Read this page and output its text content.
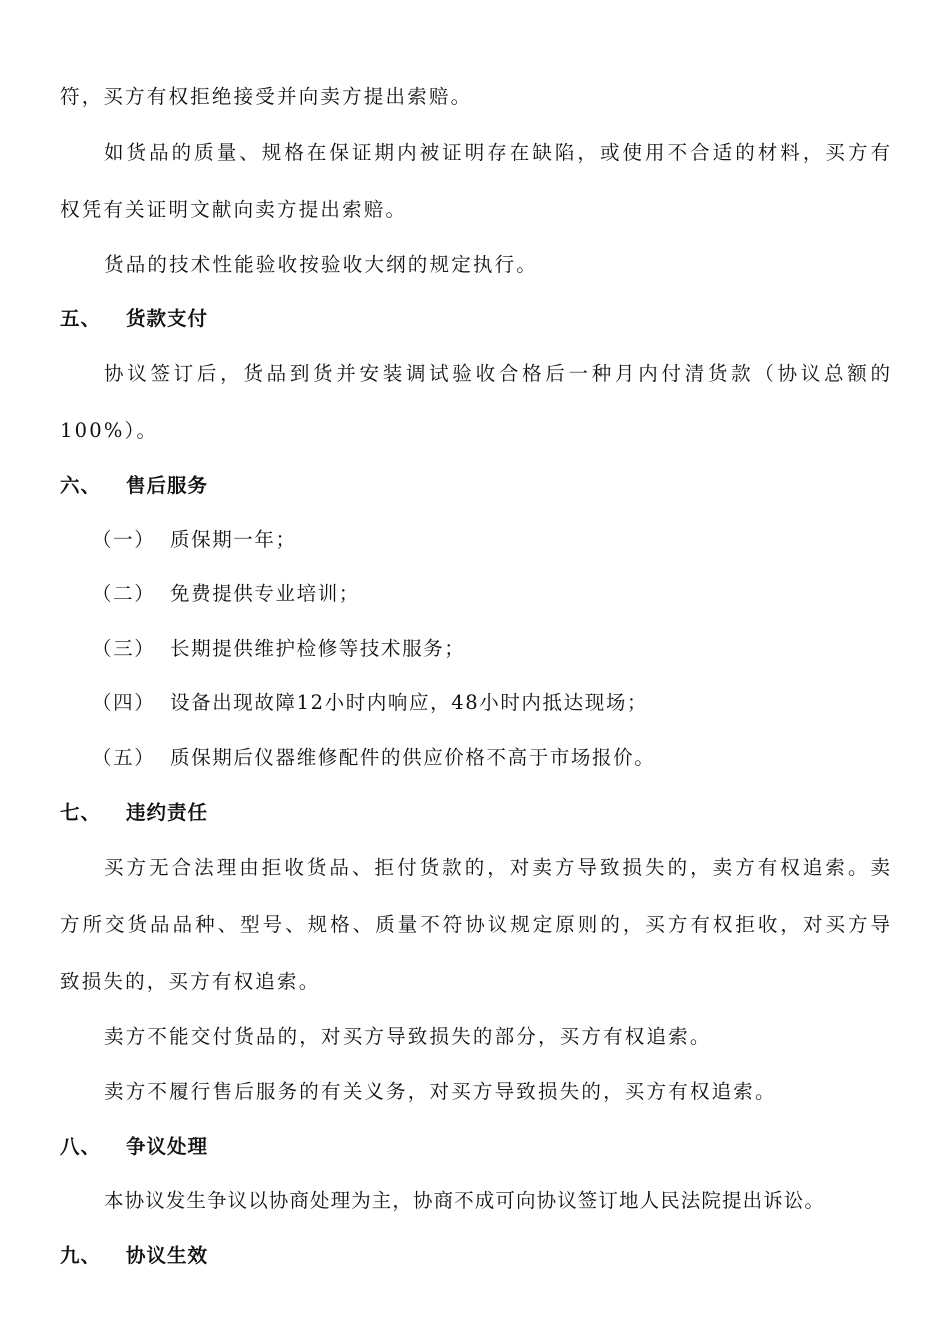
符，买方有权拒绝接受并向卖方提出索赔。
如货品的质量、规格在保证期内被证明存在缺陷，或使用不合适的材料，买方有
权凭有关证明文献向卖方提出索赔。
货品的技术性能验收按验收大纲的规定执行。
五、 货款支付
协议签订后，货品到货并安装调试验收合格后一种月内付清货款（协议总额的
100%）。
六、 售后服务
（一） 质保期一年；
（二） 免费提供专业培训；
（三） 长期提供维护检修等技术服务；
（四） 设备出现故障12小时内响应，48小时内抵达现场；
（五） 质保期后仪器维修配件的供应价格不高于市场报价。
七、 违约责任
买方无合法理由拒收货品、拒付货款的，对卖方导致损失的，卖方有权追索。卖
方所交货品品种、型号、规格、质量不符协议规定原则的，买方有权拒收，对买方导
致损失的，买方有权追索。
卖方不能交付货品的，对买方导致损失的部分，买方有权追索。
卖方不履行售后服务的有关义务，对买方导致损失的，买方有权追索。
八、 争议处理
本协议发生争议以协商处理为主，协商不成可向协议签订地人民法院提出诉讼。
九、 协议生效
